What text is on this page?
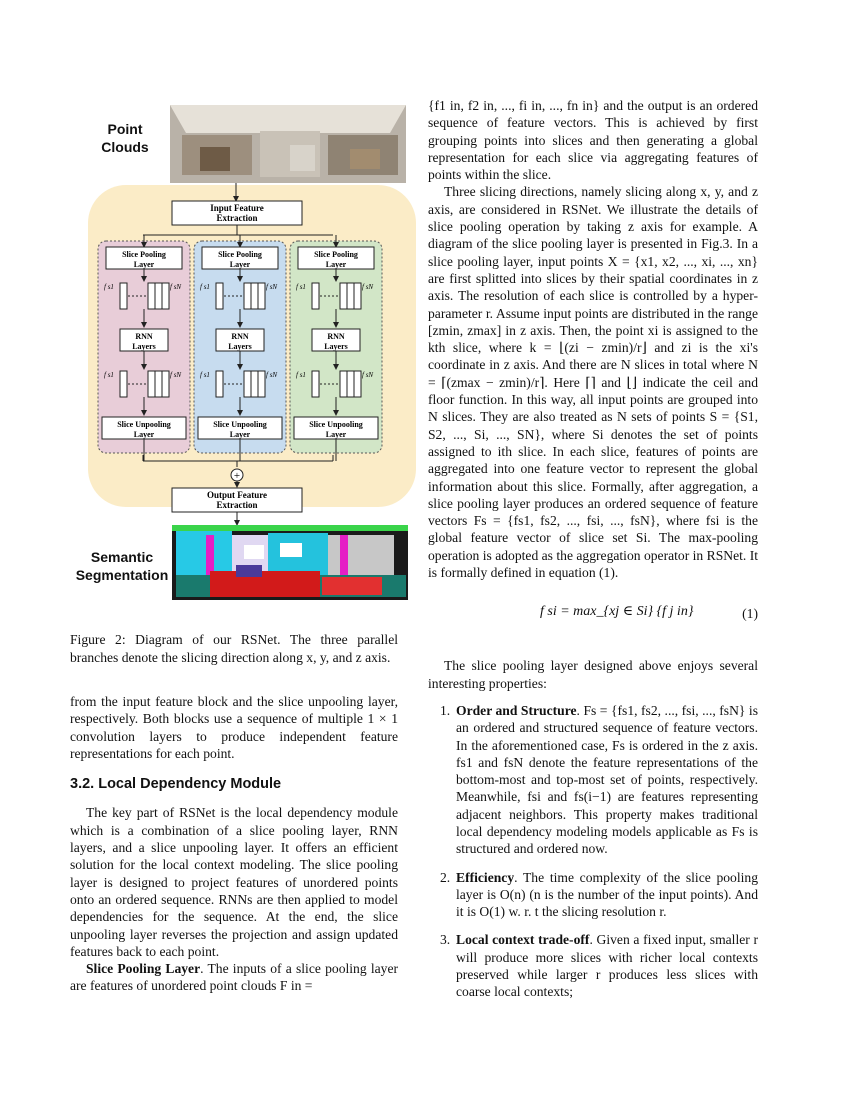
Point
Clouds
Semantic
Segmentation
Input Feature
Extraction
Slice Pooling
Layer
f s1	f sN
RNN
Layers
f s1	f sN
Slice Unpooling
Layer
Slice Pooling
Layer
f s1	f sN
RNN
Layers
f s1	f sN
Slice Unpooling
Layer
Slice Pooling
Layer
f s1	f sN
RNN
Layers
f s1	f sN
Slice Unpooling
Layer
+
Output Feature
Extraction
Figure 2: Diagram of our RSNet. The three parallel branches denote the slicing direction along x, y, and z axis.

from the input feature block and the slice unpooling layer, respectively. Both blocks use a sequence of multiple 1 × 1 convolution layers to produce independent feature representations for each point.

3.2. Local Dependency Module

The key part of RSNet is the local dependency module which is a combination of a slice pooling layer, RNN layers, and a slice unpooling layer. It offers an efficient solution for the local context modeling. The slice pooling layer is designed to project features of unordered points onto an ordered sequence. RNNs are then applied to model dependencies for the sequence. At the end, the slice unpooling layer reverses the projection and assign updated features back to each point.

Slice Pooling Layer. The inputs of a slice pooling layer are features of unordered point clouds F in =

{f1 in, f2 in, ..., fi in, ..., fn in} and the output is an ordered sequence of feature vectors. This is achieved by first grouping points into slices and then generating a global representation for each slice via aggregating features of points within the slice.

Three slicing directions, namely slicing along x, y, and z axis, are considered in RSNet. We illustrate the details of slice pooling operation by taking z axis for example. A diagram of the slice pooling layer is presented in Fig.3. In a slice pooling layer, input points X = {x1, x2, ..., xi, ..., xn} are first splitted into slices by their spatial coordinates in z axis. The resolution of each slice is controlled by a hyper-parameter r. Assume input points are distributed in the range [zmin, zmax] in z axis. Then, the point xi is assigned to the kth slice, where k = ⌊(zi − zmin)/r⌋ and zi is the xi's coordinate in z axis. And there are N slices in total where N = ⌈(zmax − zmin)/r⌉. Here ⌈⌉ and ⌊⌋ indicate the ceil and floor function. In this way, all input points are grouped into N slices. They are also treated as N sets of points S = {S1, S2, ..., Si, ..., SN}, where Si denotes the set of points assigned to ith slice. In each slice, features of points are aggregated into one feature vector to represent the global information about this slice. Formally, after aggregation, a slice pooling layer produces an ordered sequence of feature vectors Fs = {fs1, fs2, ..., fsi, ..., fsN}, where fsi is the global feature vector of slice set Si. The max-pooling operation is adopted as the aggregation operator in RSNet. It is formally defined in equation (1).

f si = max_{xj ∈ Si} {f j in}	(1)

The slice pooling layer designed above enjoys several interesting properties:

1. Order and Structure. Fs = {fs1, fs2, ..., fsi, ..., fsN} is an ordered and structured sequence of feature vectors. In the aforementioned case, Fs is ordered in the z axis. fs1 and fsN denote the feature representations of the bottom-most and top-most set of points, respectively. Meanwhile, fsi and fs(i−1) are features representing adjacent neighbors. This property makes traditional local dependency modeling models applicable as Fs is structured and ordered now.
2. Efficiency. The time complexity of the slice pooling layer is O(n) (n is the number of the input points). And it is O(1) w. r. t the slicing resolution r.
3. Local context trade-off. Given a fixed input, smaller r will produce more slices with richer local contexts preserved while larger r produces less slices with coarse local contexts;
